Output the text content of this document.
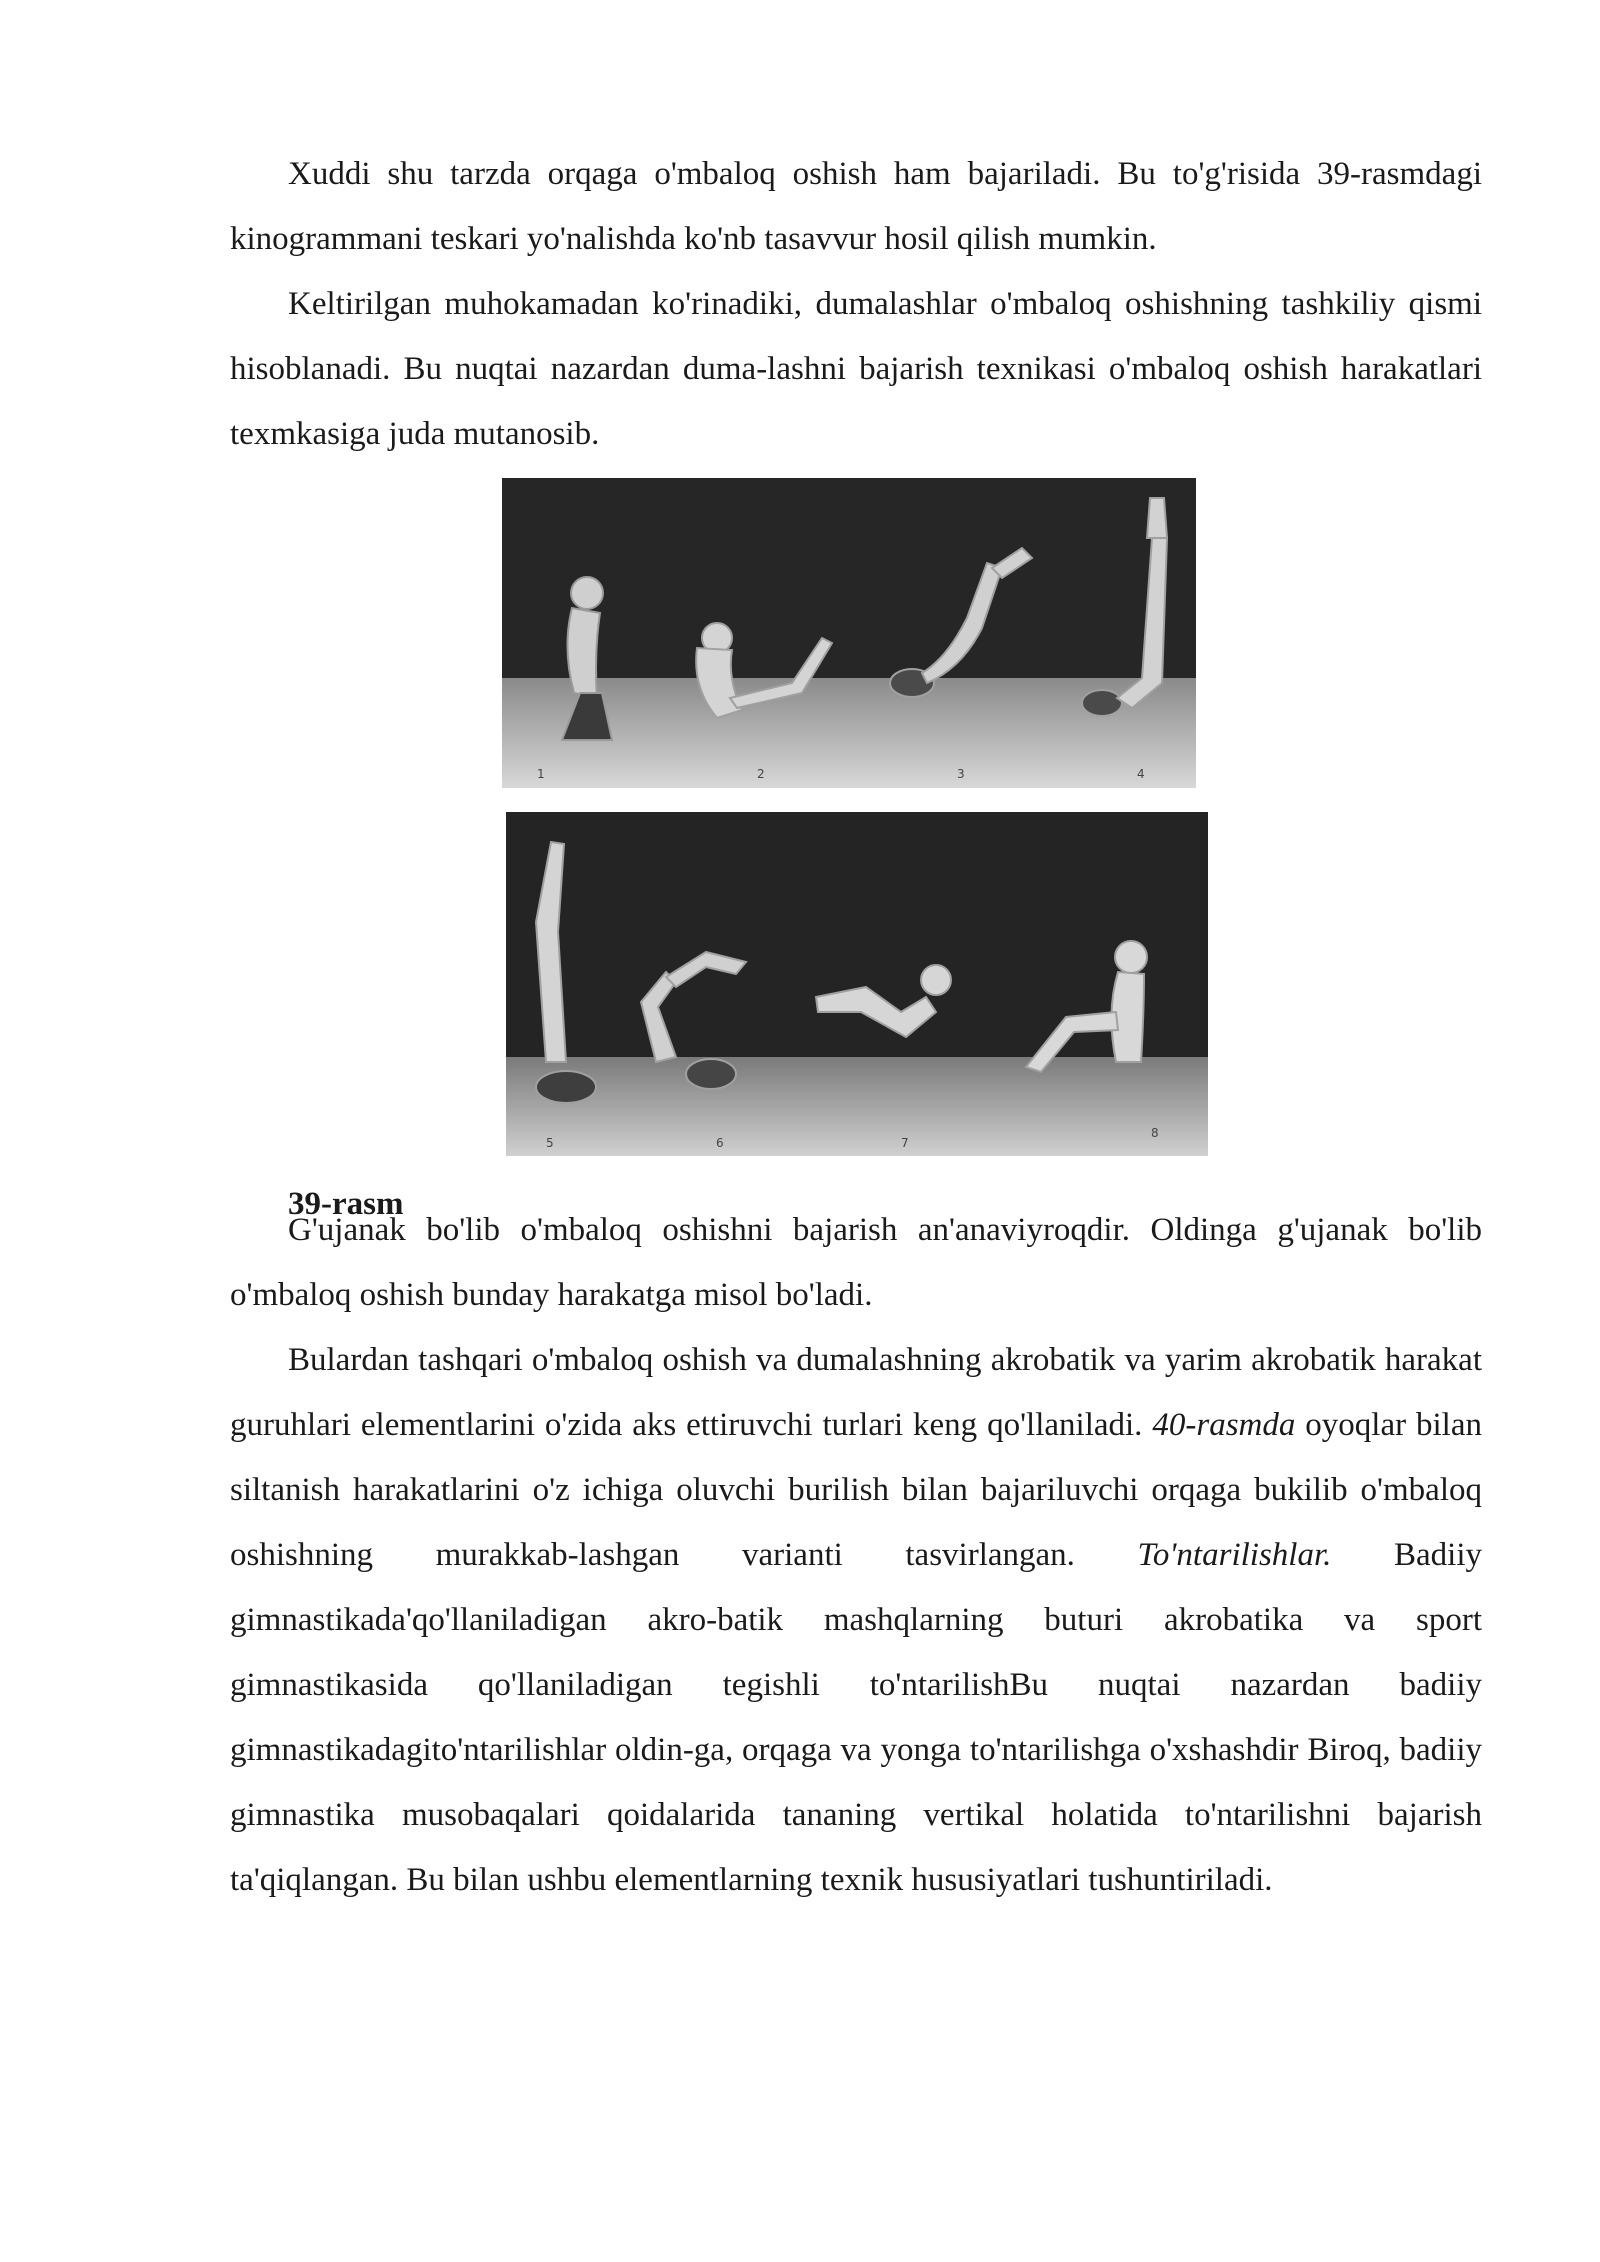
Xuddi shu tarzda orqaga o'mbaloq oshish ham bajariladi. Bu to'g'risida 39-rasmdagi kinogrammani teskari yo'nalishda ko'nb tasavvur hosil qilish mumkin.

Keltirilgan muhokamadan ko'rinadiki, dumalashlar o'mbaloq oshishning tashkiliy qismi hisoblanadi. Bu nuqtai nazardan duma-lashni bajarish texnikasi o'mbaloq oshish harakatlari texmkasiga juda mutanosib.

1	2	3	4
5	6	7
8
39-rasm

G'ujanak bo'lib o'mbaloq oshishni bajarish an'anaviyroqdir. Oldinga g'ujanak bo'lib o'mbaloq oshish bunday harakatga misol bo'ladi.

Bulardan tashqari o'mbaloq oshish va dumalashning akrobatik va yarim akrobatik harakat guruhlari elementlarini o'zida aks ettiruvchi turlari keng qo'llaniladi. 40-rasmda oyoqlar bilan siltanish harakatlarini o'z ichiga oluvchi burilish bilan bajariluvchi orqaga bukilib o'mbaloq oshishning murakkab-lashgan varianti tasvirlangan. To'ntarilishlar. Badiiy gimnastikada'qo'llaniladigan akro-batik mashqlarning buturi akrobatika va sport gimnastikasida qo'llaniladigan tegishli to'ntarilishBu nuqtai nazardan badiiy gimnastikadagito'ntarilishlar oldin-ga, orqaga va yonga to'ntarilishga o'xshashdir Biroq, badiiy gimnastika musobaqalari qoidalarida tananing vertikal holatida to'ntarilishni bajarish ta'qiqlangan. Bu bilan ushbu elementlarning texnik hususiyatlari tushuntiriladi.
